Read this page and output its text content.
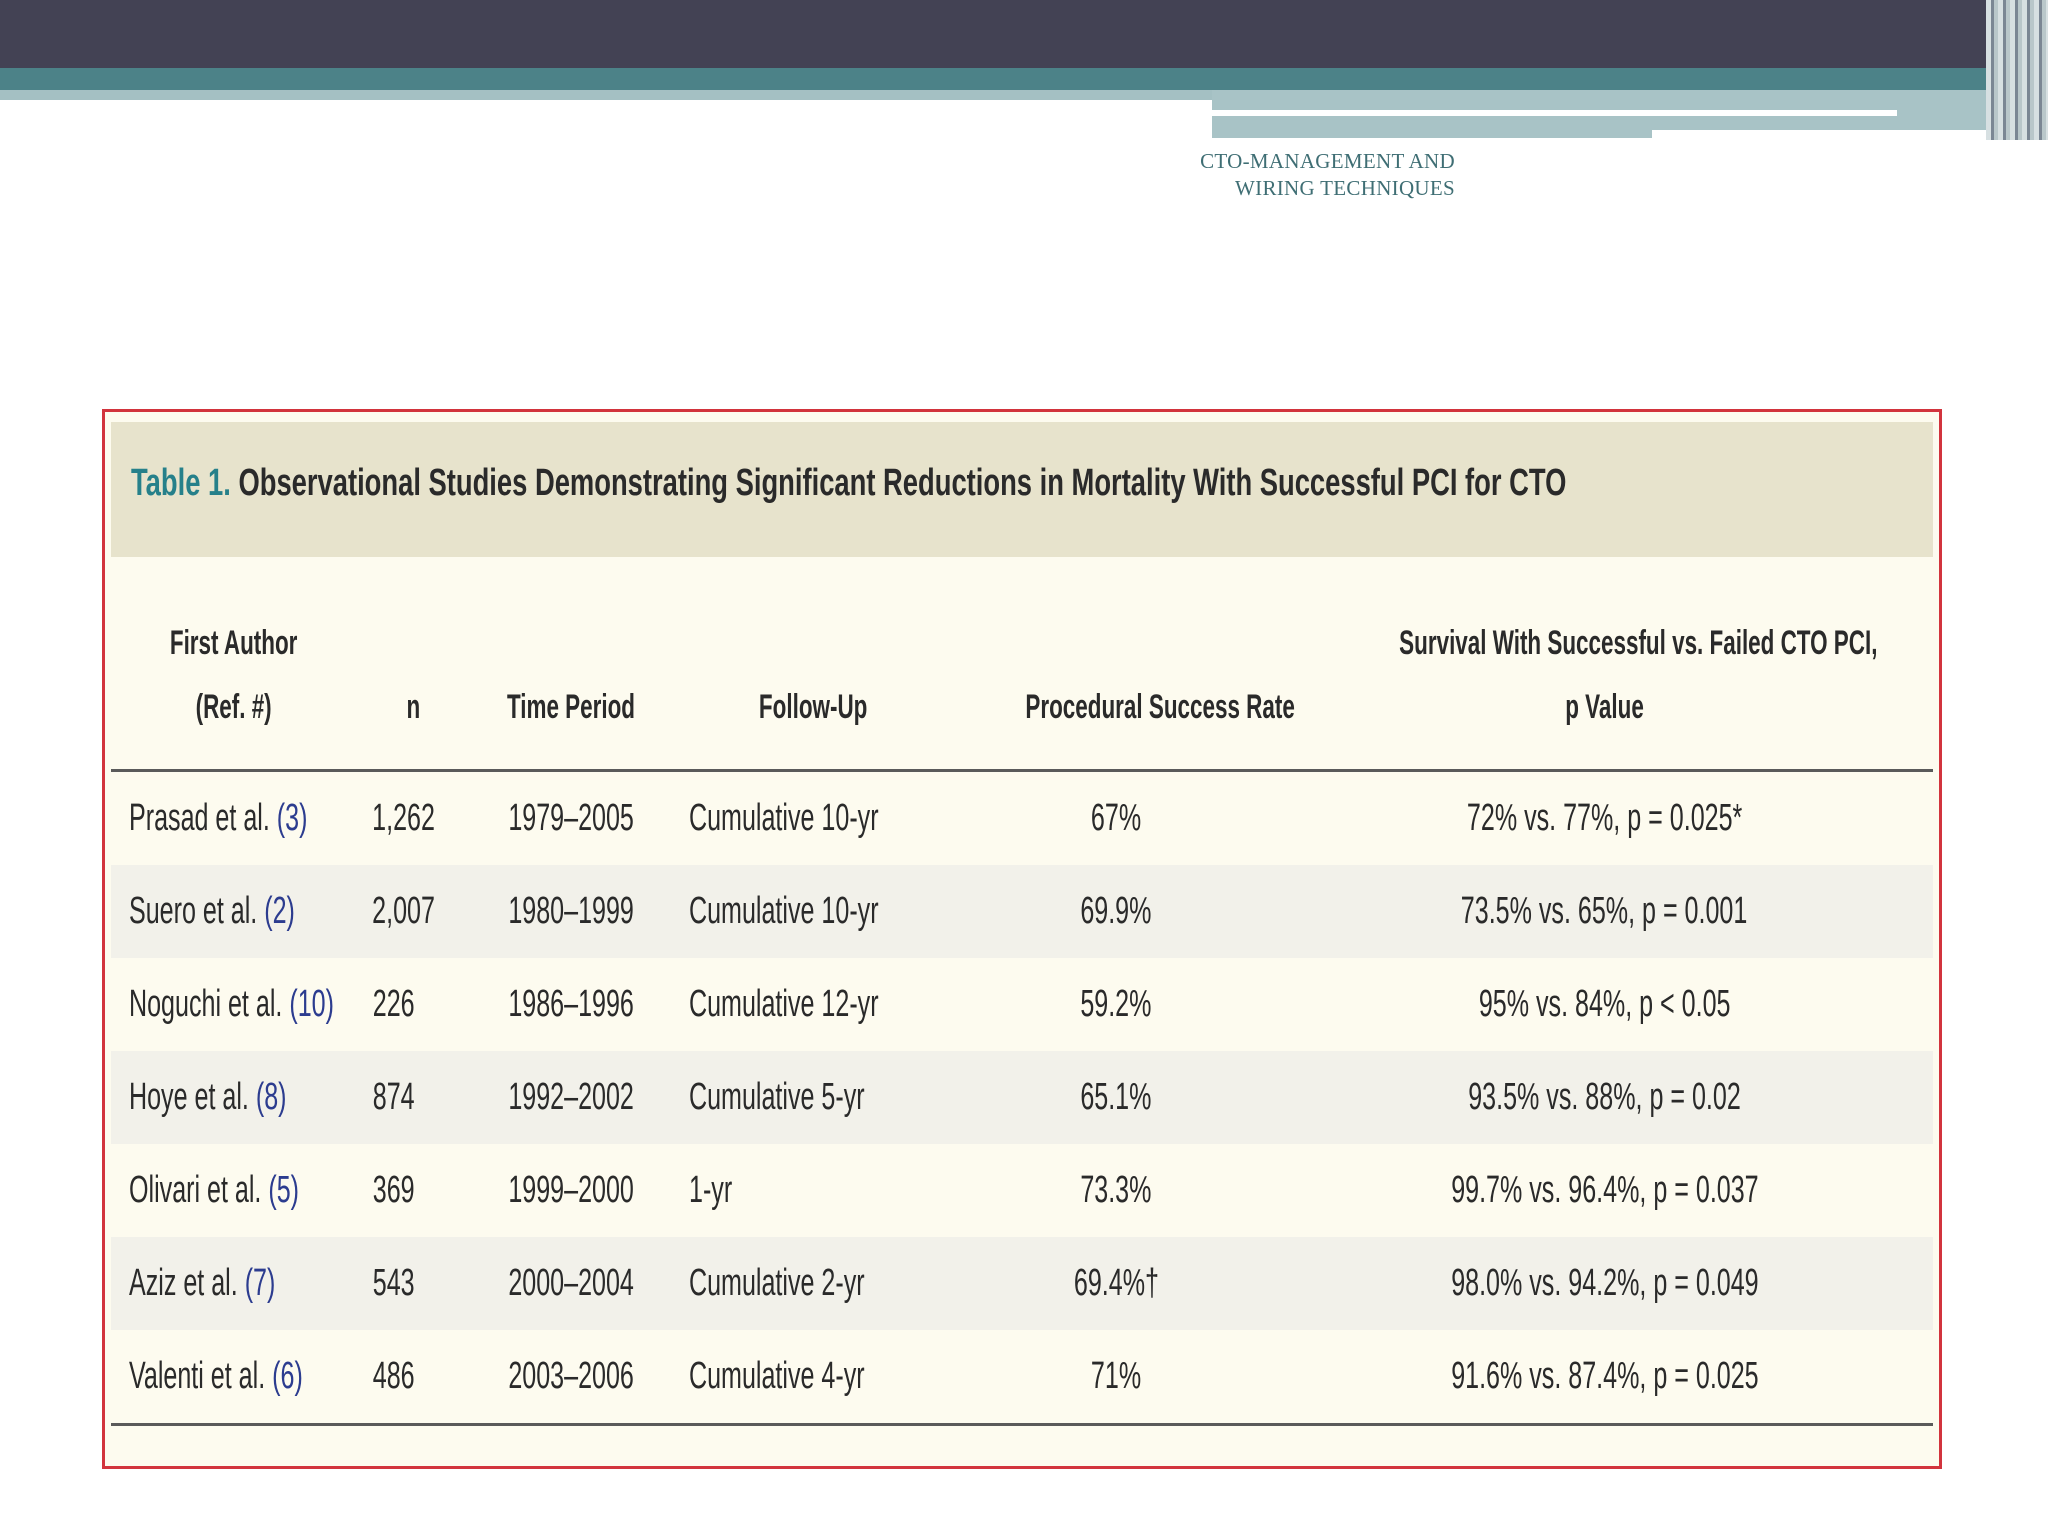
CTO-MANAGEMENT AND WIRING TECHNIQUES
Table 1. Observational Studies Demonstrating Significant Reductions in Mortality With Successful PCI for CTO
First Author
(Ref. #)	n	Time Period	Follow-Up	Procedural Success Rate	Survival With Successful vs. Failed CTO PCI,
p Value
Prasad et al. (3)	1,262	1979–2005	Cumulative 10-yr	67%	72% vs. 77%, p = 0.025*
Suero et al. (2)	2,007	1980–1999	Cumulative 10-yr	69.9%	73.5% vs. 65%, p = 0.001
Noguchi et al. (10)	226	1986–1996	Cumulative 12-yr	59.2%	95% vs. 84%, p < 0.05
Hoye et al. (8)	874	1992–2002	Cumulative 5-yr	65.1%	93.5% vs. 88%, p = 0.02
Olivari et al. (5)	369	1999–2000	1-yr	73.3%	99.7% vs. 96.4%, p = 0.037
Aziz et al. (7)	543	2000–2004	Cumulative 2-yr	69.4%†	98.0% vs. 94.2%, p = 0.049
Valenti et al. (6)	486	2003–2006	Cumulative 4-yr	71%	91.6% vs. 87.4%, p = 0.025
